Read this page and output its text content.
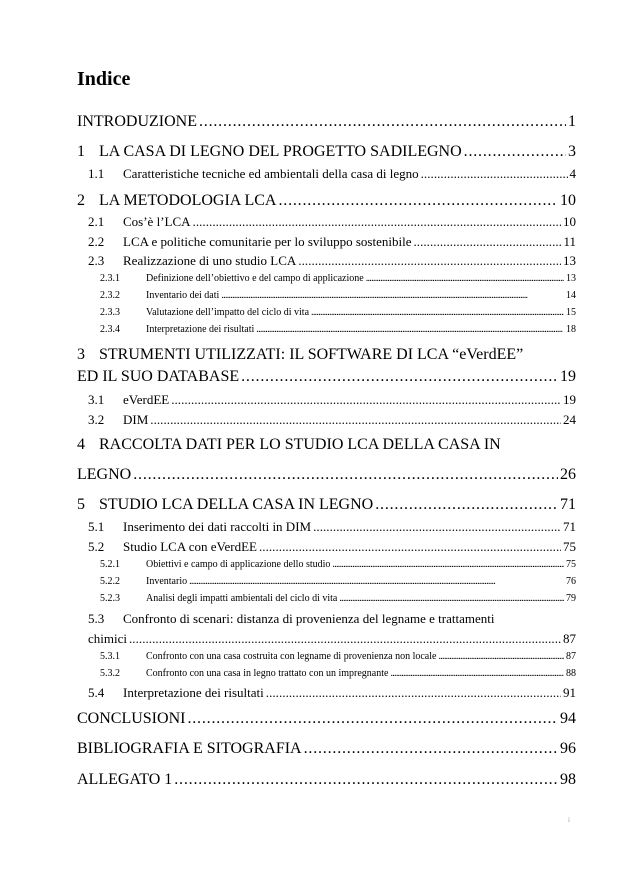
Indice
INTRODUZIONE . . .	1
1 LA CASA DI LEGNO DEL PROGETTO SADILEGNO . . .	3
1.1	Caratteristiche tecniche ed ambientali della casa di legno . . .	4
2 LA METODOLOGIA LCA . . .	10
2.1	Cos’è l’LCA . . .	10
2.2	LCA e politiche comunitarie per lo sviluppo sostenibile . . .	11
2.3	Realizzazione di uno studio LCA . . .	13
2.3.1	Definizione dell’obiettivo e del campo di applicazione . . .	13
2.3.2	Inventario dei dati . . .	14
2.3.3	Valutazione dell’impatto del ciclo di vita . . .	15
2.3.4	Interpretazione dei risultati . . .	18
3 STRUMENTI UTILIZZATI: IL SOFTWARE DI LCA “eVerdEE”
ED IL SUO DATABASE . . .	19
3.1	eVerdEE . . .	19
3.2	DIM . . .	24
4 RACCOLTA DATI PER LO STUDIO LCA DELLA CASA IN
LEGNO . . .	26
5 STUDIO LCA DELLA CASA IN LEGNO . . .	71
5.1	Inserimento dei dati raccolti in DIM . . .	71
5.2	Studio LCA con eVerdEE . . .	75
5.2.1	Obiettivi e campo di applicazione dello studio . . .	75
5.2.2	Inventario . . .	76
5.2.3	Analisi degli impatti ambientali del ciclo di vita . . .	79
5.3 Confronto di scenari: distanza di provenienza del legname e trattamenti
chimici . . .	87
5.3.1	Confronto con una casa costruita con legname di provenienza non locale . . .	87
5.3.2	Confronto con una casa in legno trattato con un impregnante . . .	88
5.4	Interpretazione dei risultati . . .	91
CONCLUSIONI . . .	94
BIBLIOGRAFIA E SITOGRAFIA . . .	96
ALLEGATO 1 . . .	98
i
